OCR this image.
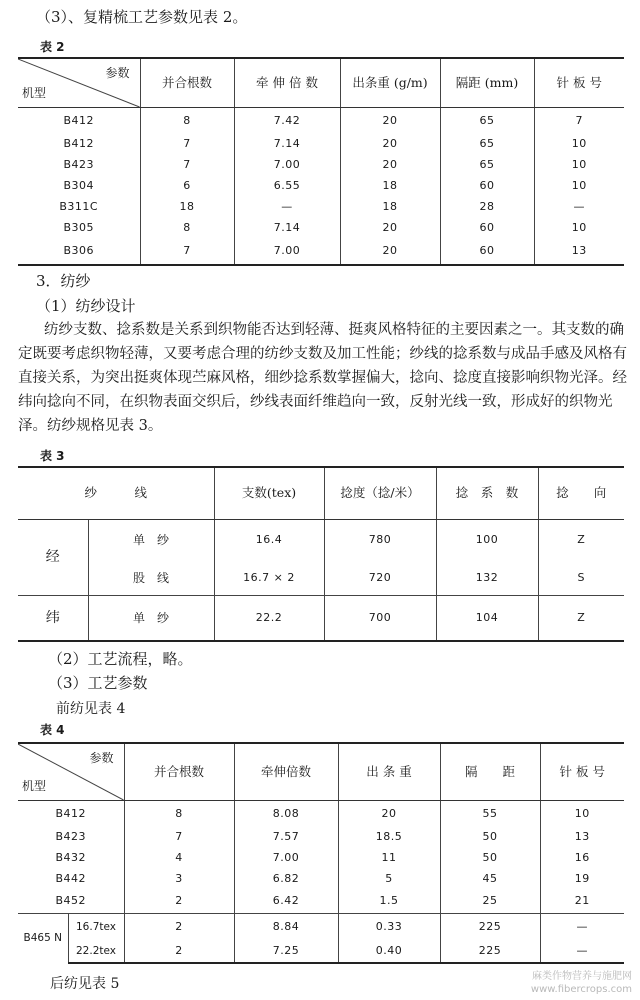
（3）、复精梳工艺参数见表 2。
表 2
参数
机型	并合根数	牵 伸 倍 数	出条重 (g/m)	隔距 (mm)	针 板 号
B412	8	7.42	20	65	7
B412	7	7.14	20	65	10
B423	7	7.00	20	65	10
B304	6	6.55	18	60	10
B311C	18	—	18	28	—
B305	8	7.14	20	60	10
B306	7	7.00	20	60	13
3．纺纱
（1）纺纱设计

纺纱支数、捻系数是关系到织物能否达到轻薄、挺爽风格特征的主要因素之一。其支数的确定既要考虑织物轻薄，又要考虑合理的纺纱支数及加工性能；纱线的捻系数与成品手感及风格有直接关系，为突出挺爽体现苎麻风格，细纱捻系数掌握偏大，捻向、捻度直接影响织物光泽。经纬向捻向不同，在织物表面交织后，纱线表面纤维趋向一致，反射光线一致，形成好的织物光泽。纺纱规格见表 3。

表 3
纱　　　线		支数(tex)	捻度（捻/米）	捻　系　数	捻　　向
经	单　纱	16.4	780	100	Z
	股　线	16.7 × 2	720	132	S
纬	单　纱	22.2	700	104	Z
（2）工艺流程，略。
（3）工艺参数
前纺见表 4
表 4
参数
机型		并合根数	牵伸倍数	出 条 重	隔　　距	针 板 号
B412		8	8.08	20	55	10
B423		7	7.57	18.5	50	13
B432		4	7.00	11	50	16
B442		3	6.82	5	45	19
B452		2	6.42	1.5	25	21
B465 N	16.7tex	2	8.84	0.33	225	—
	22.2tex	2	7.25	0.40	225	—
后纺见表 5	麻类作物营养与施肥网
www.fibercrops.com
